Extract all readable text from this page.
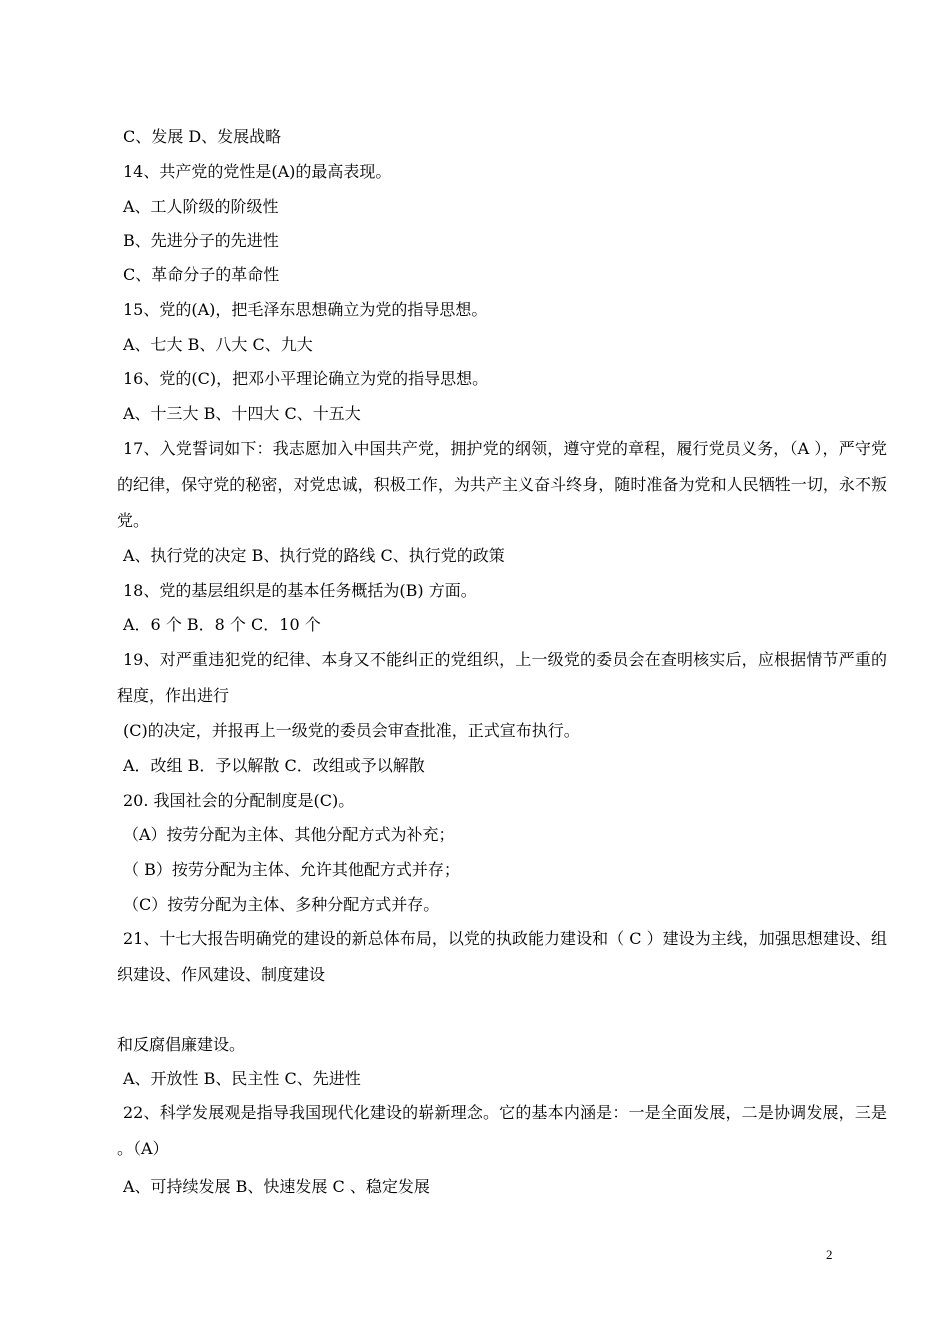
C、发展 D、发展战略
14、共产党的党性是(A)的最高表现。
A、工人阶级的阶级性
B、先进分子的先进性
C、革命分子的革命性
15、党的(A)，把毛泽东思想确立为党的指导思想。
A、七大 B、八大 C、九大
16、党的(C)，把邓小平理论确立为党的指导思想。
A、十三大 B、十四大 C、十五大
17、入党誓词如下：我志愿加入中国共产党，拥护党的纲领，遵守党的章程，履行党员义务，（A ），严守党的纪律，保守党的秘密，对党忠诚，积极工作，为共产主义奋斗终身，随时准备为党和人民牺牲一切，永不叛党。
A、执行党的决定 B、执行党的路线 C、执行党的政策
18、党的基层组织是的基本任务概括为(B) 方面。
A．6 个 B．8 个 C．10 个
19、对严重违犯党的纪律、本身又不能纠正的党组织，上一级党的委员会在查明核实后，应根据情节严重的程度，作出进行
(C)的决定，并报再上一级党的委员会审查批准，正式宣布执行。
A．改组 B．予以解散 C．改组或予以解散
20. 我国社会的分配制度是(C)。
（A）按劳分配为主体、其他分配方式为补充；
（ B）按劳分配为主体、允许其他配方式并存；
（C）按劳分配为主体、多种分配方式并存。
21、十七大报告明确党的建设的新总体布局，以党的执政能力建设和（ C ）建设为主线，加强思想建设、组织建设、作风建设、制度建设
和反腐倡廉建设。
A、开放性 B、民主性 C、先进性
22、科学发展观是指导我国现代化建设的崭新理念。它的基本内涵是：一是全面发展，二是协调发展，三是 。（A）
A、可持续发展 B、快速发展 C 、稳定发展
2
